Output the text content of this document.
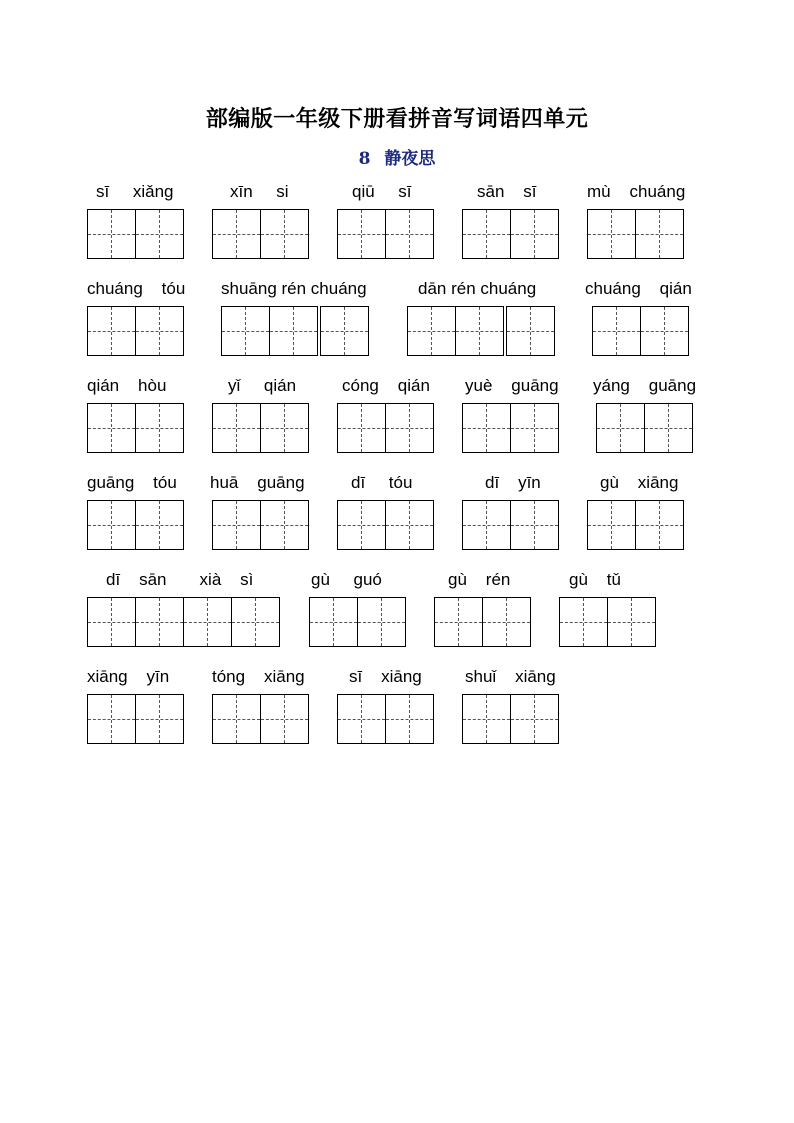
部编版一年级下册看拼音写词语四单元
8 静夜思
sī     xiǎng	xīn     si	qiū     sī	sān    sī	mù    chuáng
chuáng    tóu shuāng rén chuáng	dān rén chuáng	chuáng    qián
qián    hòu	yǐ     qián	cóng    qián yuè    guāng yáng    guāng
guāng    tóu huā    guāng	dī     tóu	dī    yīn	gù    xiāng
dī    sān       xià    sì	gù     guó	gù    rén	gù    tǔ
xiāng    yīn	tóng    xiāng	sī    xiāng	shuǐ    xiāng
